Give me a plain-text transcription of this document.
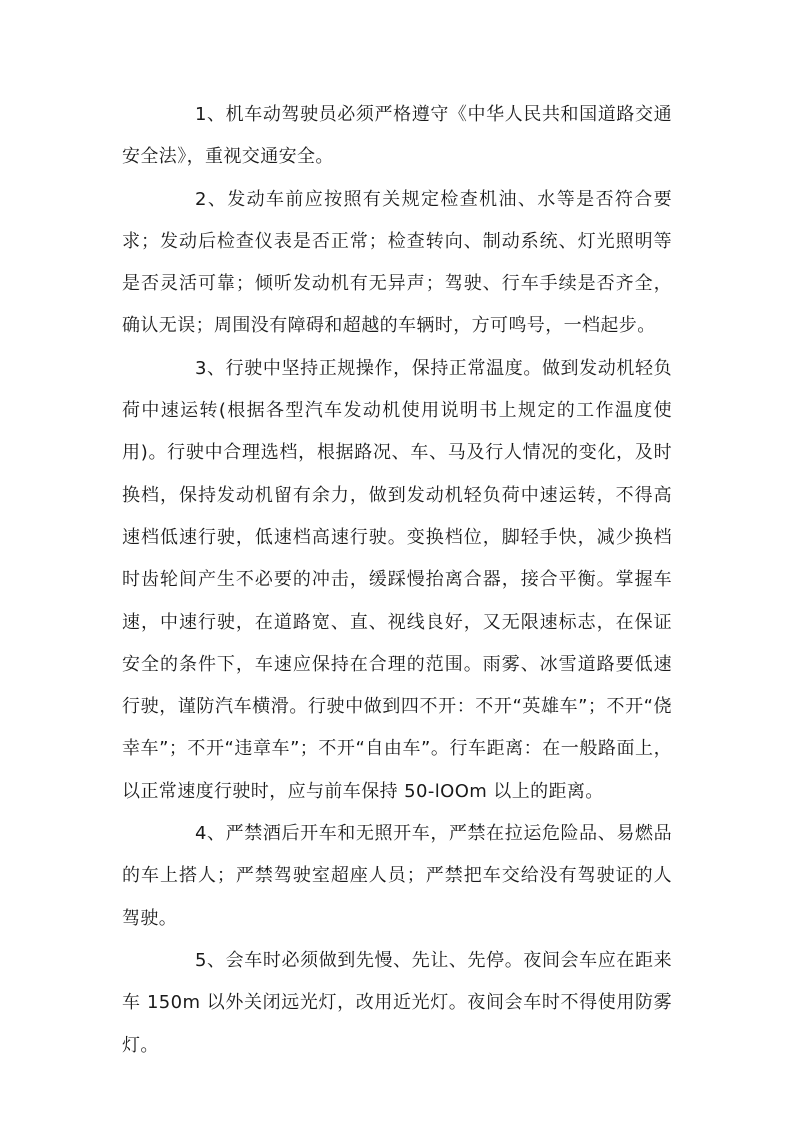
1、机车动驾驶员必须严格遵守《中华人民共和国道路交通安全法》，重视交通安全。

2、发动车前应按照有关规定检查机油、水等是否符合要求；发动后检查仪表是否正常；检查转向、制动系统、灯光照明等是否灵活可靠；倾听发动机有无异声；驾驶、行车手续是否齐全，确认无误；周围没有障碍和超越的车辆时，方可鸣号，一档起步。

3、行驶中坚持正规操作，保持正常温度。做到发动机轻负荷中速运转(根据各型汽车发动机使用说明书上规定的工作温度使用)。行驶中合理选档，根据路况、车、马及行人情况的变化，及时换档，保持发动机留有余力，做到发动机轻负荷中速运转，不得高速档低速行驶，低速档高速行驶。变换档位，脚轻手快，减少换档时齿轮间产生不必要的冲击，缓踩慢抬离合器，接合平衡。掌握车速，中速行驶，在道路宽、直、视线良好，又无限速标志，在保证安全的条件下，车速应保持在合理的范围。雨雾、冰雪道路要低速行驶，谨防汽车横滑。行驶中做到四不开：不开“英雄车”；不开“侥幸车”；不开“违章车”；不开“自由车”。行车距离：在一般路面上，以正常速度行驶时，应与前车保持 50-lOOm 以上的距离。

4、严禁酒后开车和无照开车，严禁在拉运危险品、易燃品的车上搭人；严禁驾驶室超座人员；严禁把车交给没有驾驶证的人驾驶。

5、会车时必须做到先慢、先让、先停。夜间会车应在距来车 150m 以外关闭远光灯，改用近光灯。夜间会车时不得使用防雾灯。
